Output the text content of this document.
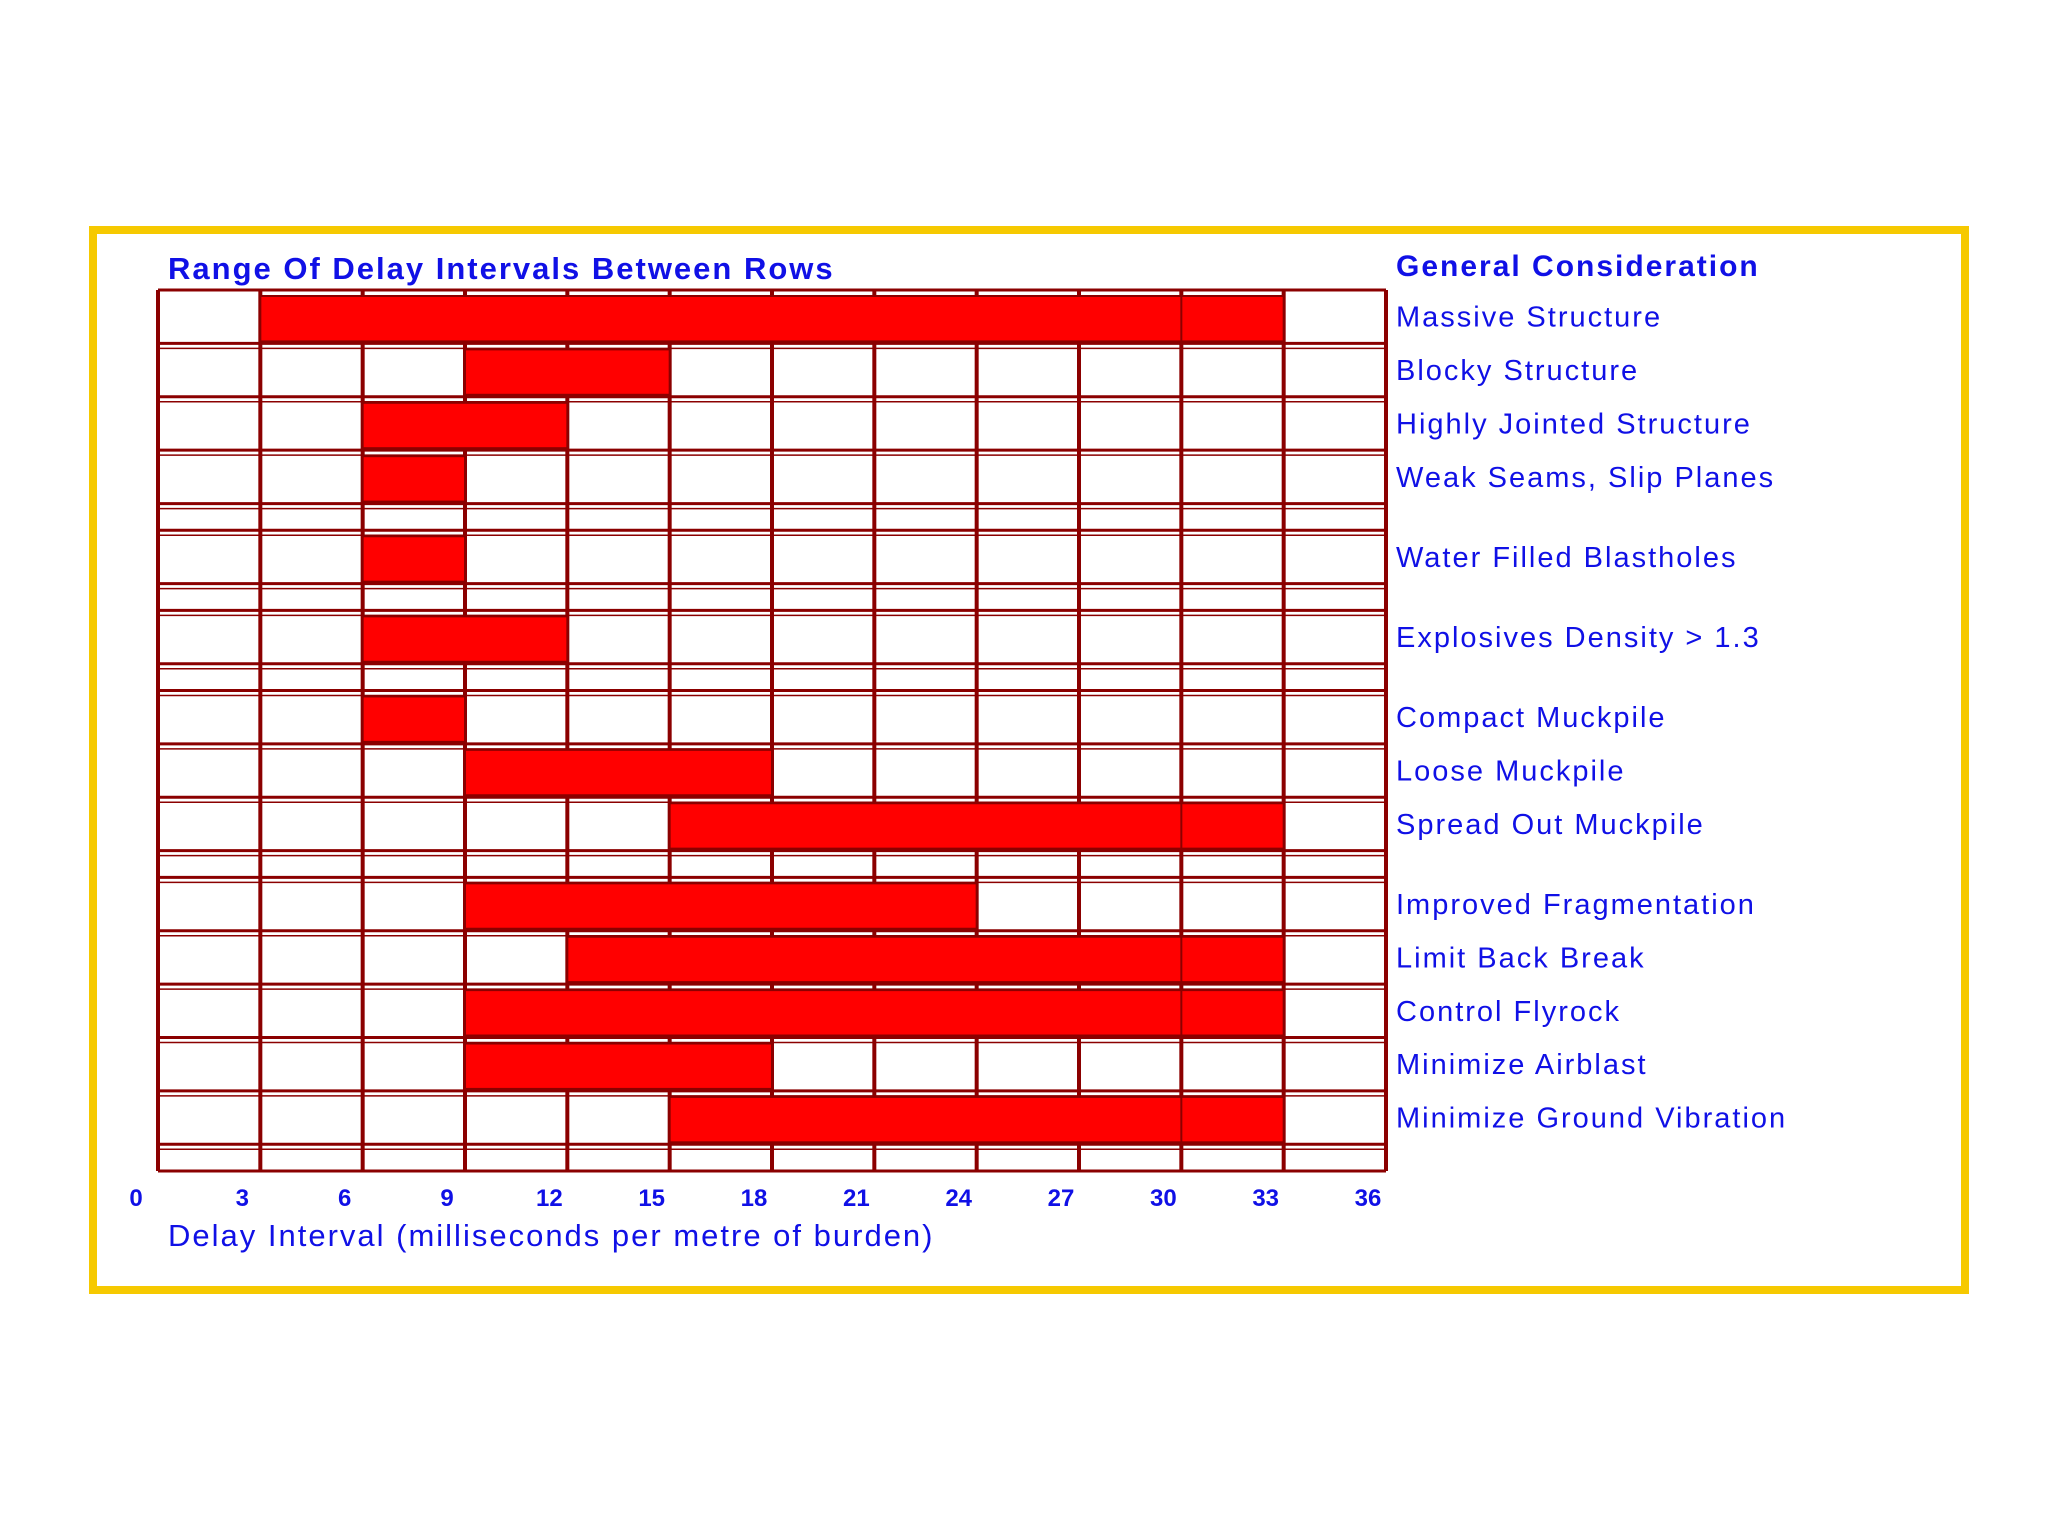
Range Of Delay Intervals Between Rows	General Consideration
Massive Structure
Blocky Structure
Highly Jointed Structure
Weak Seams, Slip Planes
Water Filled Blastholes
Explosives Density > 1.3
Compact Muckpile
Loose Muckpile
Spread Out Muckpile
Improved Fragmentation
Limit Back Break
Control Flyrock
Minimize Airblast
Minimize Ground Vibration
0	3	6	9	12	15	18	21	24	27	30	33	36
Delay Interval (milliseconds per metre of burden)
